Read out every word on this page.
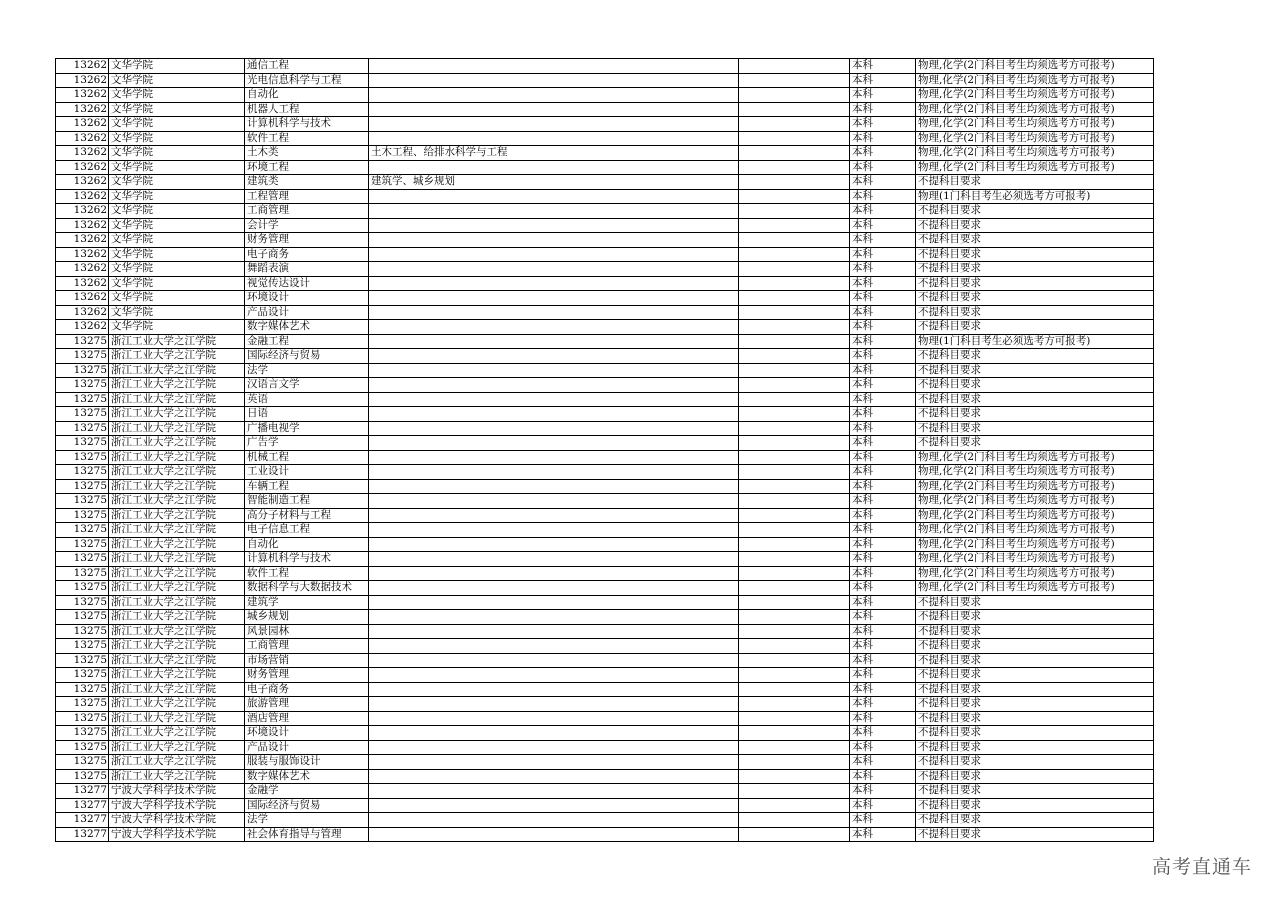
13262	文华学院	通信工程			本科	物理,化学(2门科目考生均须选考方可报考)
13262	文华学院	光电信息科学与工程			本科	物理,化学(2门科目考生均须选考方可报考)
13262	文华学院	自动化			本科	物理,化学(2门科目考生均须选考方可报考)
13262	文华学院	机器人工程			本科	物理,化学(2门科目考生均须选考方可报考)
13262	文华学院	计算机科学与技术			本科	物理,化学(2门科目考生均须选考方可报考)
13262	文华学院	软件工程			本科	物理,化学(2门科目考生均须选考方可报考)
13262	文华学院	土木类	土木工程、给排水科学与工程		本科	物理,化学(2门科目考生均须选考方可报考)
13262	文华学院	环境工程			本科	物理,化学(2门科目考生均须选考方可报考)
13262	文华学院	建筑类	建筑学、城乡规划		本科	不提科目要求
13262	文华学院	工程管理			本科	物理(1门科目考生必须选考方可报考)
13262	文华学院	工商管理			本科	不提科目要求
13262	文华学院	会计学			本科	不提科目要求
13262	文华学院	财务管理			本科	不提科目要求
13262	文华学院	电子商务			本科	不提科目要求
13262	文华学院	舞蹈表演			本科	不提科目要求
13262	文华学院	视觉传达设计			本科	不提科目要求
13262	文华学院	环境设计			本科	不提科目要求
13262	文华学院	产品设计			本科	不提科目要求
13262	文华学院	数字媒体艺术			本科	不提科目要求
13275	浙江工业大学之江学院	金融工程			本科	物理(1门科目考生必须选考方可报考)
13275	浙江工业大学之江学院	国际经济与贸易			本科	不提科目要求
13275	浙江工业大学之江学院	法学			本科	不提科目要求
13275	浙江工业大学之江学院	汉语言文学			本科	不提科目要求
13275	浙江工业大学之江学院	英语			本科	不提科目要求
13275	浙江工业大学之江学院	日语			本科	不提科目要求
13275	浙江工业大学之江学院	广播电视学			本科	不提科目要求
13275	浙江工业大学之江学院	广告学			本科	不提科目要求
13275	浙江工业大学之江学院	机械工程			本科	物理,化学(2门科目考生均须选考方可报考)
13275	浙江工业大学之江学院	工业设计			本科	物理,化学(2门科目考生均须选考方可报考)
13275	浙江工业大学之江学院	车辆工程			本科	物理,化学(2门科目考生均须选考方可报考)
13275	浙江工业大学之江学院	智能制造工程			本科	物理,化学(2门科目考生均须选考方可报考)
13275	浙江工业大学之江学院	高分子材料与工程			本科	物理,化学(2门科目考生均须选考方可报考)
13275	浙江工业大学之江学院	电子信息工程			本科	物理,化学(2门科目考生均须选考方可报考)
13275	浙江工业大学之江学院	自动化			本科	物理,化学(2门科目考生均须选考方可报考)
13275	浙江工业大学之江学院	计算机科学与技术			本科	物理,化学(2门科目考生均须选考方可报考)
13275	浙江工业大学之江学院	软件工程			本科	物理,化学(2门科目考生均须选考方可报考)
13275	浙江工业大学之江学院	数据科学与大数据技术			本科	物理,化学(2门科目考生均须选考方可报考)
13275	浙江工业大学之江学院	建筑学			本科	不提科目要求
13275	浙江工业大学之江学院	城乡规划			本科	不提科目要求
13275	浙江工业大学之江学院	风景园林			本科	不提科目要求
13275	浙江工业大学之江学院	工商管理			本科	不提科目要求
13275	浙江工业大学之江学院	市场营销			本科	不提科目要求
13275	浙江工业大学之江学院	财务管理			本科	不提科目要求
13275	浙江工业大学之江学院	电子商务			本科	不提科目要求
13275	浙江工业大学之江学院	旅游管理			本科	不提科目要求
13275	浙江工业大学之江学院	酒店管理			本科	不提科目要求
13275	浙江工业大学之江学院	环境设计			本科	不提科目要求
13275	浙江工业大学之江学院	产品设计			本科	不提科目要求
13275	浙江工业大学之江学院	服装与服饰设计			本科	不提科目要求
13275	浙江工业大学之江学院	数字媒体艺术			本科	不提科目要求
13277	宁波大学科学技术学院	金融学			本科	不提科目要求
13277	宁波大学科学技术学院	国际经济与贸易			本科	不提科目要求
13277	宁波大学科学技术学院	法学			本科	不提科目要求
13277	宁波大学科学技术学院	社会体育指导与管理			本科	不提科目要求
高考直通车
